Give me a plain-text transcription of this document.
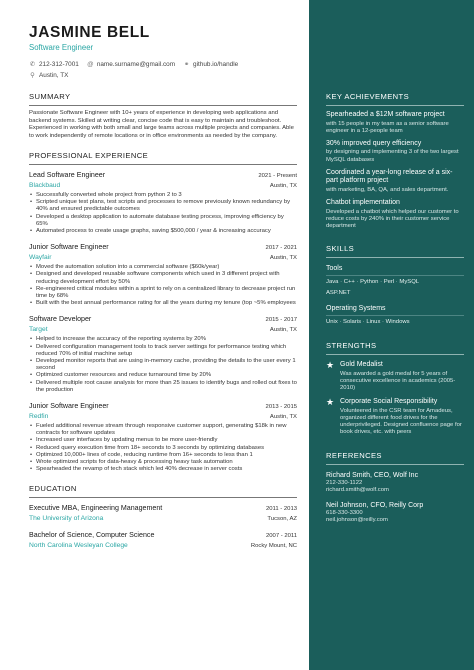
JASMINE BELL
Software Engineer
✆ 212-312-7001 @ name.surname@gmail.com ⚭ github.io/handle
⚲ Austin, TX
SUMMARY

Passionate Software Engineer with 10+ years of experience in developing web applications and backend systems. Skilled at writing clear, concise code that is easy to maintain and troubleshoot. Experienced in working with both small and large teams across multiple projects and companies. Able to work independently of remote locations or in office environments as needed by the company.

PROFESSIONAL EXPERIENCE
Lead Software Engineer	2021 - Present
Blackbaud	Austin, TX
• Successfully converted whole project from python 2 to 3
• Scripted unique test plans, test scripts and processes to remove previously known redundancy by 40% and ensured predictable outcomes
• Developed a desktop application to automate database testing process, improving efficiency by 65%
• Automated process to create usage graphs, saving $500,000 / year & increasing accuracy
Junior Software Engineer	2017 - 2021
Wayfair	Austin, TX
• Moved the automation solution into a commercial software ($60k/year)
• Designed and developed reusable software components which used in 3 different project with reducing development effort by 50%
• Re-engineered critical modules within a sprint to rely on a centralized library to decrease project run time by 68%
• Built with the best annual performance rating for all the years during my tenure (top ~5% employees
Software Developer	2015 - 2017
Target	Austin, TX
• Helped to increase the accuracy of the reporting systems by 20%
• Delivered configuration management tools to track server settings for performance testing which reduced 70% of initial machine setup
• Developed monitor reports that are using in-memory cache, providing the details to the user every 1 second
• Optimized customer resources and reduce turnaround time by 20%
• Delivered multiple root cause analysis for more than 25 issues to identify bugs and rolled out fixes to the production
Junior Software Engineer	2013 - 2015
Redfin	Austin, TX
• Fueled additional revenue stream through responsive customer support, generating $18k in new contracts for software updates
• Increased user interfaces by updating menus to be more user-friendly
• Reduced query execution time from 18+ seconds to 3 seconds by optimizing databases
• Optimized 10,000+ lines of code, reducing runtime from 16+ seconds to less than 1
• Wrote optimized scripts for data-heavy & processing heavy task automation
• Spearheaded the revamp of tech stack which led 40% decrease in server costs
EDUCATION
Executive MBA, Engineering Management	2011 - 2013
The University of Arizona	Tucson, AZ
Bachelor of Science, Computer Science	2007 - 2011
North Carolina Wesleyan College	Rocky Mount, NC
KEY ACHIEVEMENTS
Spearheaded a $12M software project
with 15 people in my team as a senior software engineer in a 12-people team
30% improved query efficiency
by designing and implementing 3 of the two largest MySQL databases
Coordinated a year-long release of a six-part platform project
with marketing, BA, QA, and sales department.
Chatbot implementation
Developed a chatbot which helped our customer to reduce costs by 240% in their customer service department
SKILLS
Tools
Java · C++ · Python · Perl · MySQL
ASP.NET
Operating Systems
Unix · Solaris · Linux · Windows
STRENGTHS
★ Gold Medalist
Was awarded a gold medal for 5 years of consecutive excellence in academics (2005-2010)
★ Corporate Social Responsibility
Volunteered in the CSR team for Amadeus, organized different food drives for the underprivileged. Designed confluence page for book drives, etc. with peers
REFERENCES
Richard Smith, CEO, Wolf Inc
212-330-1122
richard.smith@wolf.com
Neil Johnson, CFO, Reilly Corp
618-330-3300
neil.johnson@reilly.com
